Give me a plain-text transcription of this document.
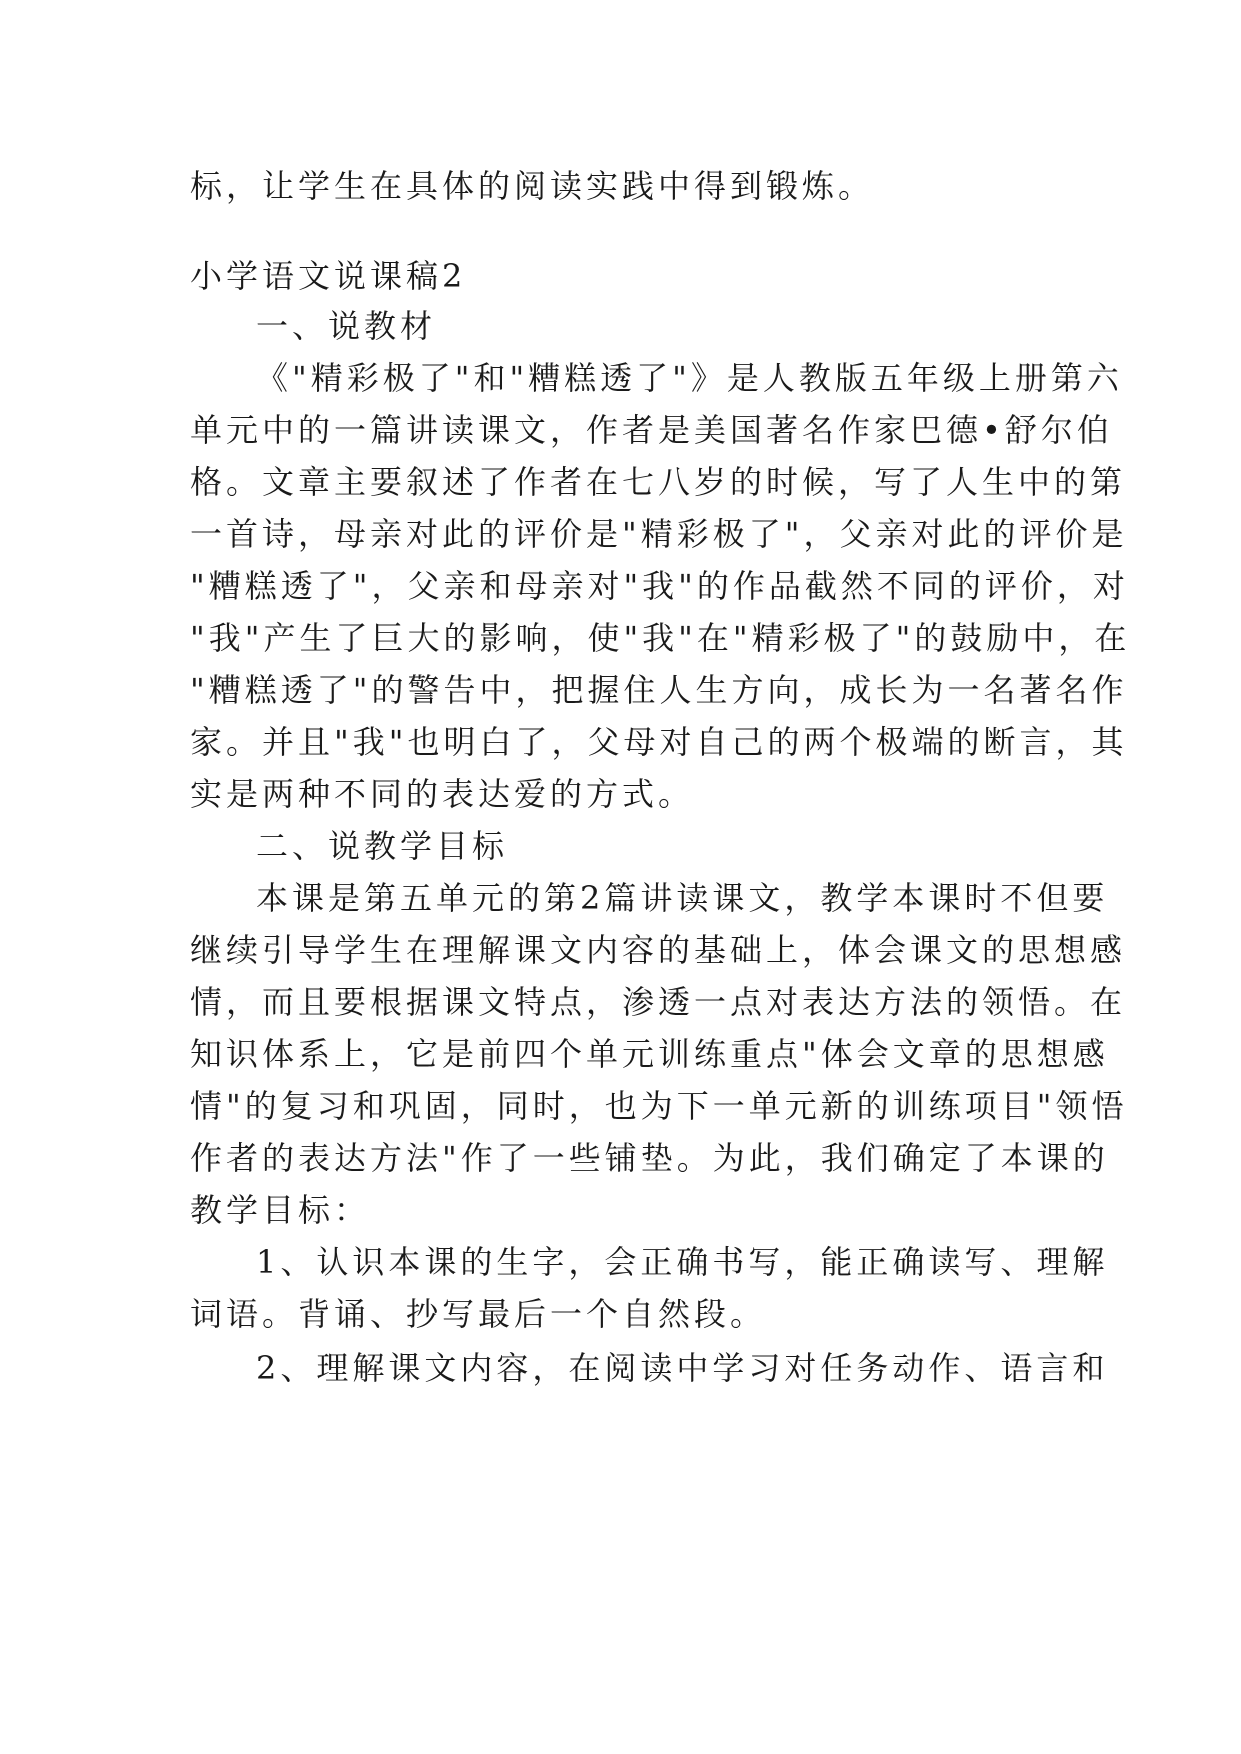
标，让学生在具体的阅读实践中得到锻炼。
小学语文说课稿2
一、说教材
《"精彩极了"和"糟糕透了"》是人教版五年级上册第六
单元中的一篇讲读课文，作者是美国著名作家巴德•舒尔伯
格。文章主要叙述了作者在七八岁的时候，写了人生中的第
一首诗，母亲对此的评价是"精彩极了"，父亲对此的评价是
"糟糕透了"，父亲和母亲对"我"的作品截然不同的评价，对
"我"产生了巨大的影响，使"我"在"精彩极了"的鼓励中，在
"糟糕透了"的警告中，把握住人生方向，成长为一名著名作
家。并且"我"也明白了，父母对自己的两个极端的断言，其
实是两种不同的表达爱的方式。
二、说教学目标
本课是第五单元的第2篇讲读课文，教学本课时不但要
继续引导学生在理解课文内容的基础上，体会课文的思想感
情，而且要根据课文特点，渗透一点对表达方法的领悟。在
知识体系上，它是前四个单元训练重点"体会文章的思想感
情"的复习和巩固，同时，也为下一单元新的训练项目"领悟
作者的表达方法"作了一些铺垫。为此，我们确定了本课的
教学目标：
1、认识本课的生字，会正确书写，能正确读写、理解
词语。背诵、抄写最后一个自然段。
2、理解课文内容，在阅读中学习对任务动作、语言和
